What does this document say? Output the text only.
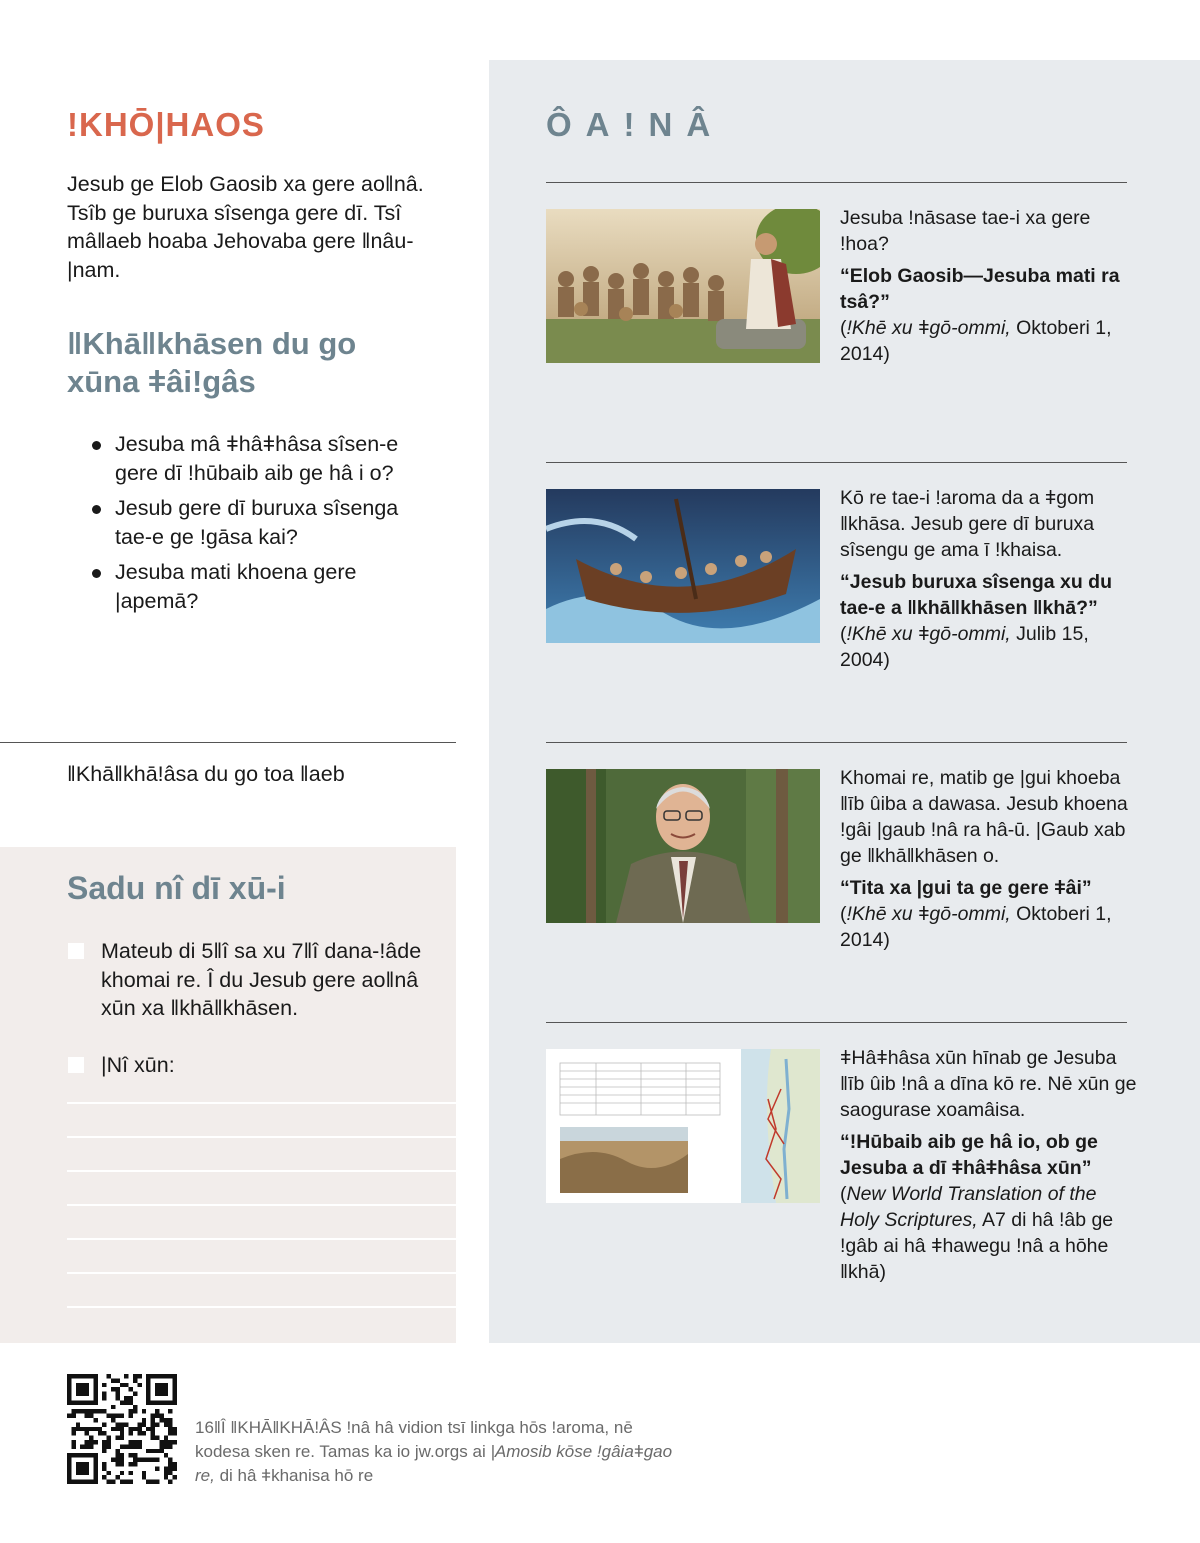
!KHŌ|HAOS

Jesub ge Elob Gaosib xa gere ao‖nâ. Tsîb ge buruxa sîsenga gere dī. Tsî mâ‖aeb hoaba Jehovaba gere ‖nâu-|nam.

‖Khā‖khāsen du go xūna ǂâi!gâs
Jesuba mâ ǂhâǂhâsa sîsen-e gere dī !hūbaib aib ge hâ i o?
Jesub gere dī buruxa sîsenga tae-e ge !gāsa kai?
Jesuba mati khoena gere |apemā?

‖Khā‖khā!âsa du go toa ‖aeb

Sadu nî dī xū-i
Mateub di 5‖î sa xu 7‖î dana-!âde khomai re. Î du Jesub gere ao‖nâ xūn xa ‖khā‖khāsen.
|Nî xūn:
ÔA!NÂ

Jesuba !nāsase tae-i xa gere !hoa?

“Elob Gaosib—Jesuba mati ra tsâ?”

(!Khē xu ǂgō-ommi, Oktoberi 1, 2014)

Kō re tae-i !aroma da a ǂgom ‖khāsa. Jesub gere dī buruxa sîsengu ge ama ī !khaisa.

“Jesub buruxa sîsenga xu du tae-e a ‖khā‖khāsen ‖khā?”

(!Khē xu ǂgō-ommi, Julib 15, 2004)

Khomai re, matib ge |gui khoeba ‖īb ûiba a dawasa. Jesub khoena !gâi |gaub !nâ ra hâ-ū. |Gaub xab ge ‖khā‖khāsen o.

“Tita xa |gui ta ge gere ǂâi”

(!Khē xu ǂgō-ommi, Oktoberi 1, 2014)

ǂHâǂhâsa xūn hīnab ge Jesuba ‖īb ûib !nâ a dīna kō re. Nē xūn ge saogurase xoamâisa.

“!Hūbaib aib ge hâ io, ob ge Jesuba a dī ǂhâǂhâsa xūn”

(New World Translation of the Holy Scriptures, A7 di hâ !âb ge !gâb ai hâ ǂhawegu !nâ a hōhe ‖khā)

16‖Î ‖KHĀ‖KHĀ!ÂS !nâ hâ vidion tsī linkga hōs !aroma, nē kodesa sken re. Tamas ka io jw.orgs ai |Amosib kōse !gâiaǂgao re, di hâ ǂkhanisa hō re
